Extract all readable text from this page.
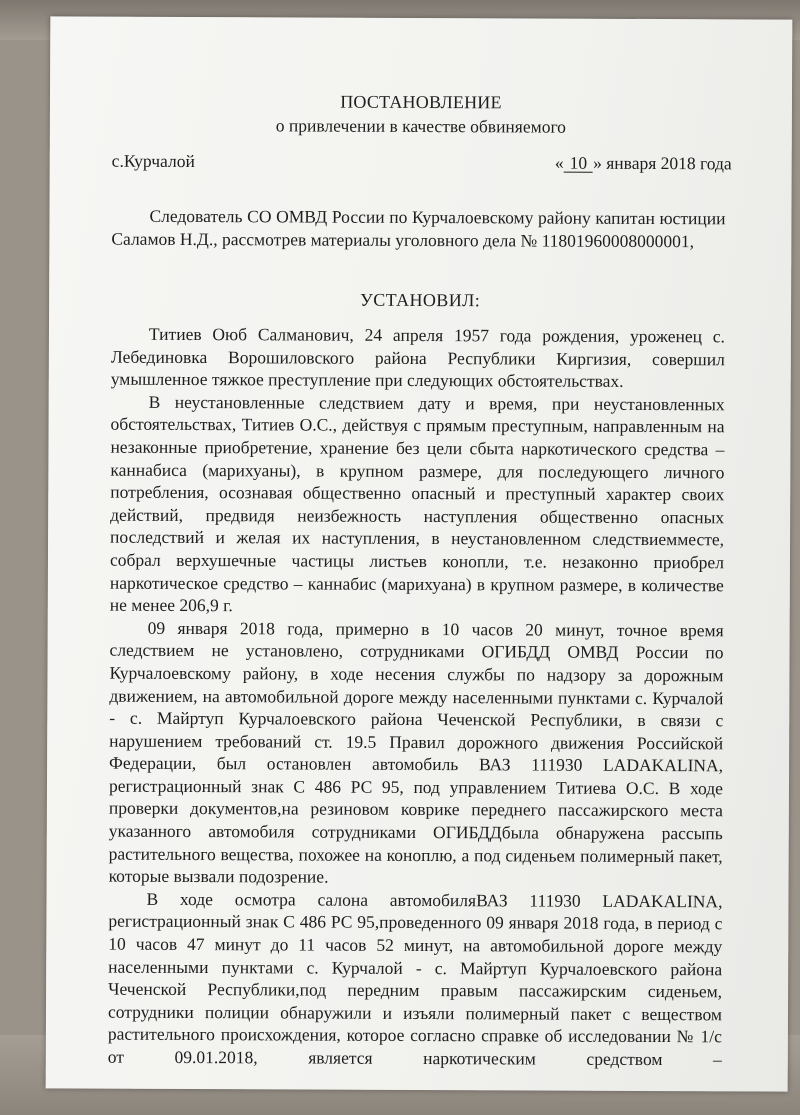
ПОСТАНОВЛЕНИЕ
о привлечении в качестве обвиняемого
с.Курчалой	« 10 » января 2018 года

Следователь СО ОМВД России по Курчалоевскому району капитан юстиции Саламов Н.Д., рассмотрев материалы уголовного дела № 11801960008000001,

УСТАНОВИЛ:

Титиев Оюб Салманович, 24 апреля 1957 года рождения, уроженец с. Лебединовка Ворошиловского района Республики Киргизия, совершил умышленное тяжкое преступление при следующих обстоятельствах.

В неустановленные следствием дату и время, при неустановленных обстоятельствах, Титиев О.С., действуя с прямым преступным, направленным на незаконные приобретение, хранение без цели сбыта наркотического средства – каннабиса (марихуаны), в крупном размере, для последующего личного потребления, осознавая общественно опасный и преступный характер своих действий, предвидя неизбежность наступления общественно опасных последствий и желая их наступления, в неустановленном следствиемместе, собрал верхушечные частицы листьев конопли, т.е. незаконно приобрел наркотическое средство – каннабис (марихуана) в крупном размере, в количестве не менее 206,9 г.

09 января 2018 года, примерно в 10 часов 20 минут, точное время следствием не установлено, сотрудниками ОГИБДД ОМВД России по Курчалоевскому району, в ходе несения службы по надзору за дорожным движением, на автомобильной дороге между населенными пунктами с. Курчалой - с. Майртуп Курчалоевского района Чеченской Республики, в связи с нарушением требований ст. 19.5 Правил дорожного движения Российской Федерации, был остановлен автомобиль ВАЗ 111930 LADAKALINA, регистрационный знак С 486 РС 95, под управлением Титиева О.С. В ходе проверки документов,на резиновом коврике переднего пассажирского места указанного автомобиля сотрудниками ОГИБДДбыла обнаружена рассыпь растительного вещества, похожее на коноплю, а под сиденьем полимерный пакет, которые вызвали подозрение.

В ходе осмотра салона автомобиляВАЗ 111930 LADAKALINA, регистрационный знак С 486 РС 95,проведенного 09 января 2018 года, в период с 10 часов 47 минут до 11 часов 52 минут, на автомобильной дороге между населенными пунктами с. Курчалой - с. Майртуп Курчалоевского района Чеченской Республики,под передним правым пассажирским сиденьем, сотрудники полиции обнаружили и изъяли полимерный пакет с веществом растительного происхождения, которое согласно справке об исследовании № 1/с от 09.01.2018, является наркотическим средством –
